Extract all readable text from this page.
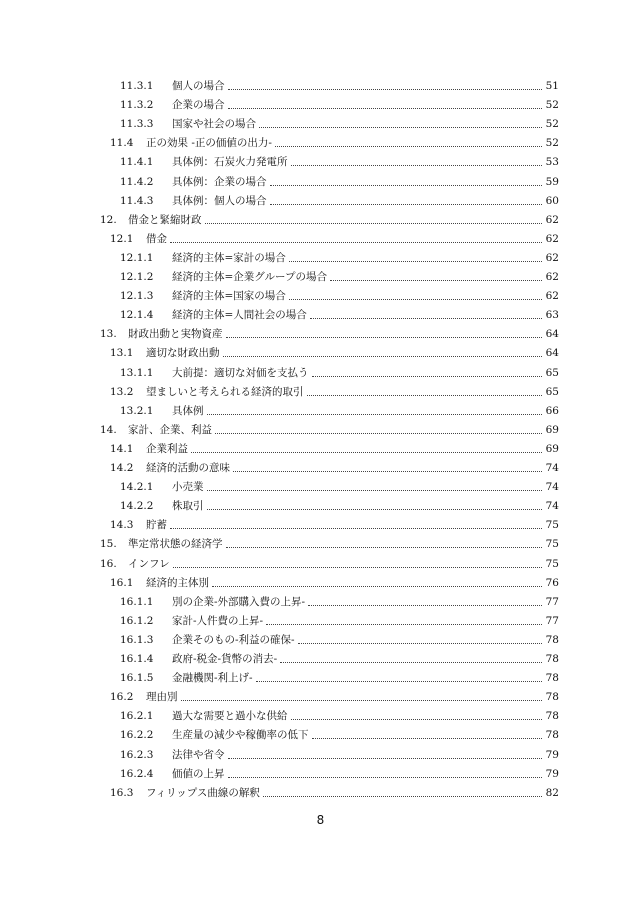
11.3.1	個人の場合	51
11.3.2	企業の場合	52
11.3.3	国家や社会の場合	52
11.4	正の効果 -正の価値の出力-	52
11.4.1	具体例：石炭火力発電所	53
11.4.2	具体例：企業の場合	59
11.4.3	具体例：個人の場合	60
12.	借金と緊縮財政	62
12.1	借金	62
12.1.1	経済的主体=家計の場合	62
12.1.2	経済的主体=企業グループの場合	62
12.1.3	経済的主体=国家の場合	62
12.1.4	経済的主体=人間社会の場合	63
13.	財政出動と実物資産	64
13.1	適切な財政出動	64
13.1.1	大前提：適切な対価を支払う	65
13.2	望ましいと考えられる経済的取引	65
13.2.1	具体例	66
14.	家計、企業、利益	69
14.1	企業利益	69
14.2	経済的活動の意味	74
14.2.1	小売業	74
14.2.2	株取引	74
14.3	貯蓄	75
15.	準定常状態の経済学	75
16.	インフレ	75
16.1	経済的主体別	76
16.1.1	別の企業-外部購入費の上昇-	77
16.1.2	家計-人件費の上昇-	77
16.1.3	企業そのもの-利益の確保-	78
16.1.4	政府-税金-貨幣の消去-	78
16.1.5	金融機関-利上げ-	78
16.2	理由別	78
16.2.1	過大な需要と過小な供給	78
16.2.2	生産量の減少や稼働率の低下	78
16.2.3	法律や省令	79
16.2.4	価値の上昇	79
16.3	フィリップス曲線の解釈	82
8
